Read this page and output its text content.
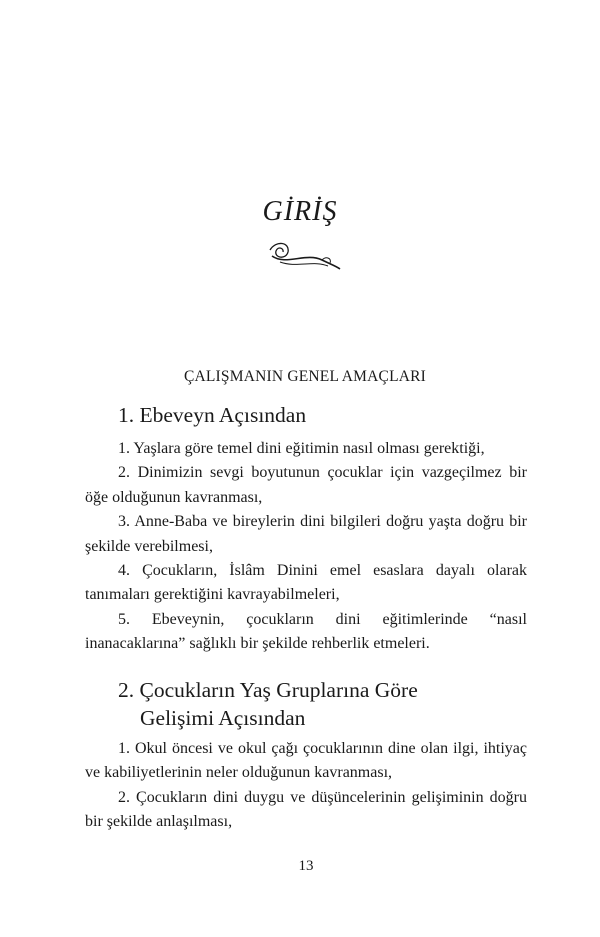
GİRİŞ
ÇALIŞMANIN GENEL AMAÇLARI
1. Ebeveyn Açısından

1. Yaşlara göre temel dini eğitimin nasıl olması gerektiği,

2. Dinimizin sevgi boyutunun çocuklar için vazgeçilmez bir öğe olduğunun kavranması,

3. Anne-Baba ve bireylerin dini bilgileri doğru yaşta doğru bir şekilde verebilmesi,

4. Çocukların, İslâm Dinini emel esaslara dayalı olarak tanımaları gerektiğini kavrayabilmeleri,

5. Ebeveynin, çocukların dini eğitimlerinde “nasıl inanacaklarına” sağlıklı bir şekilde rehberlik etmeleri.

2. Çocukların Yaş Gruplarına Göre
Gelişimi Açısından

1. Okul öncesi ve okul çağı çocuklarının dine olan ilgi, ihtiyaç ve kabiliyetlerinin neler olduğunun kavranması,

2. Çocukların dini duygu ve düşüncelerinin gelişiminin doğru bir şekilde anlaşılması,

13
